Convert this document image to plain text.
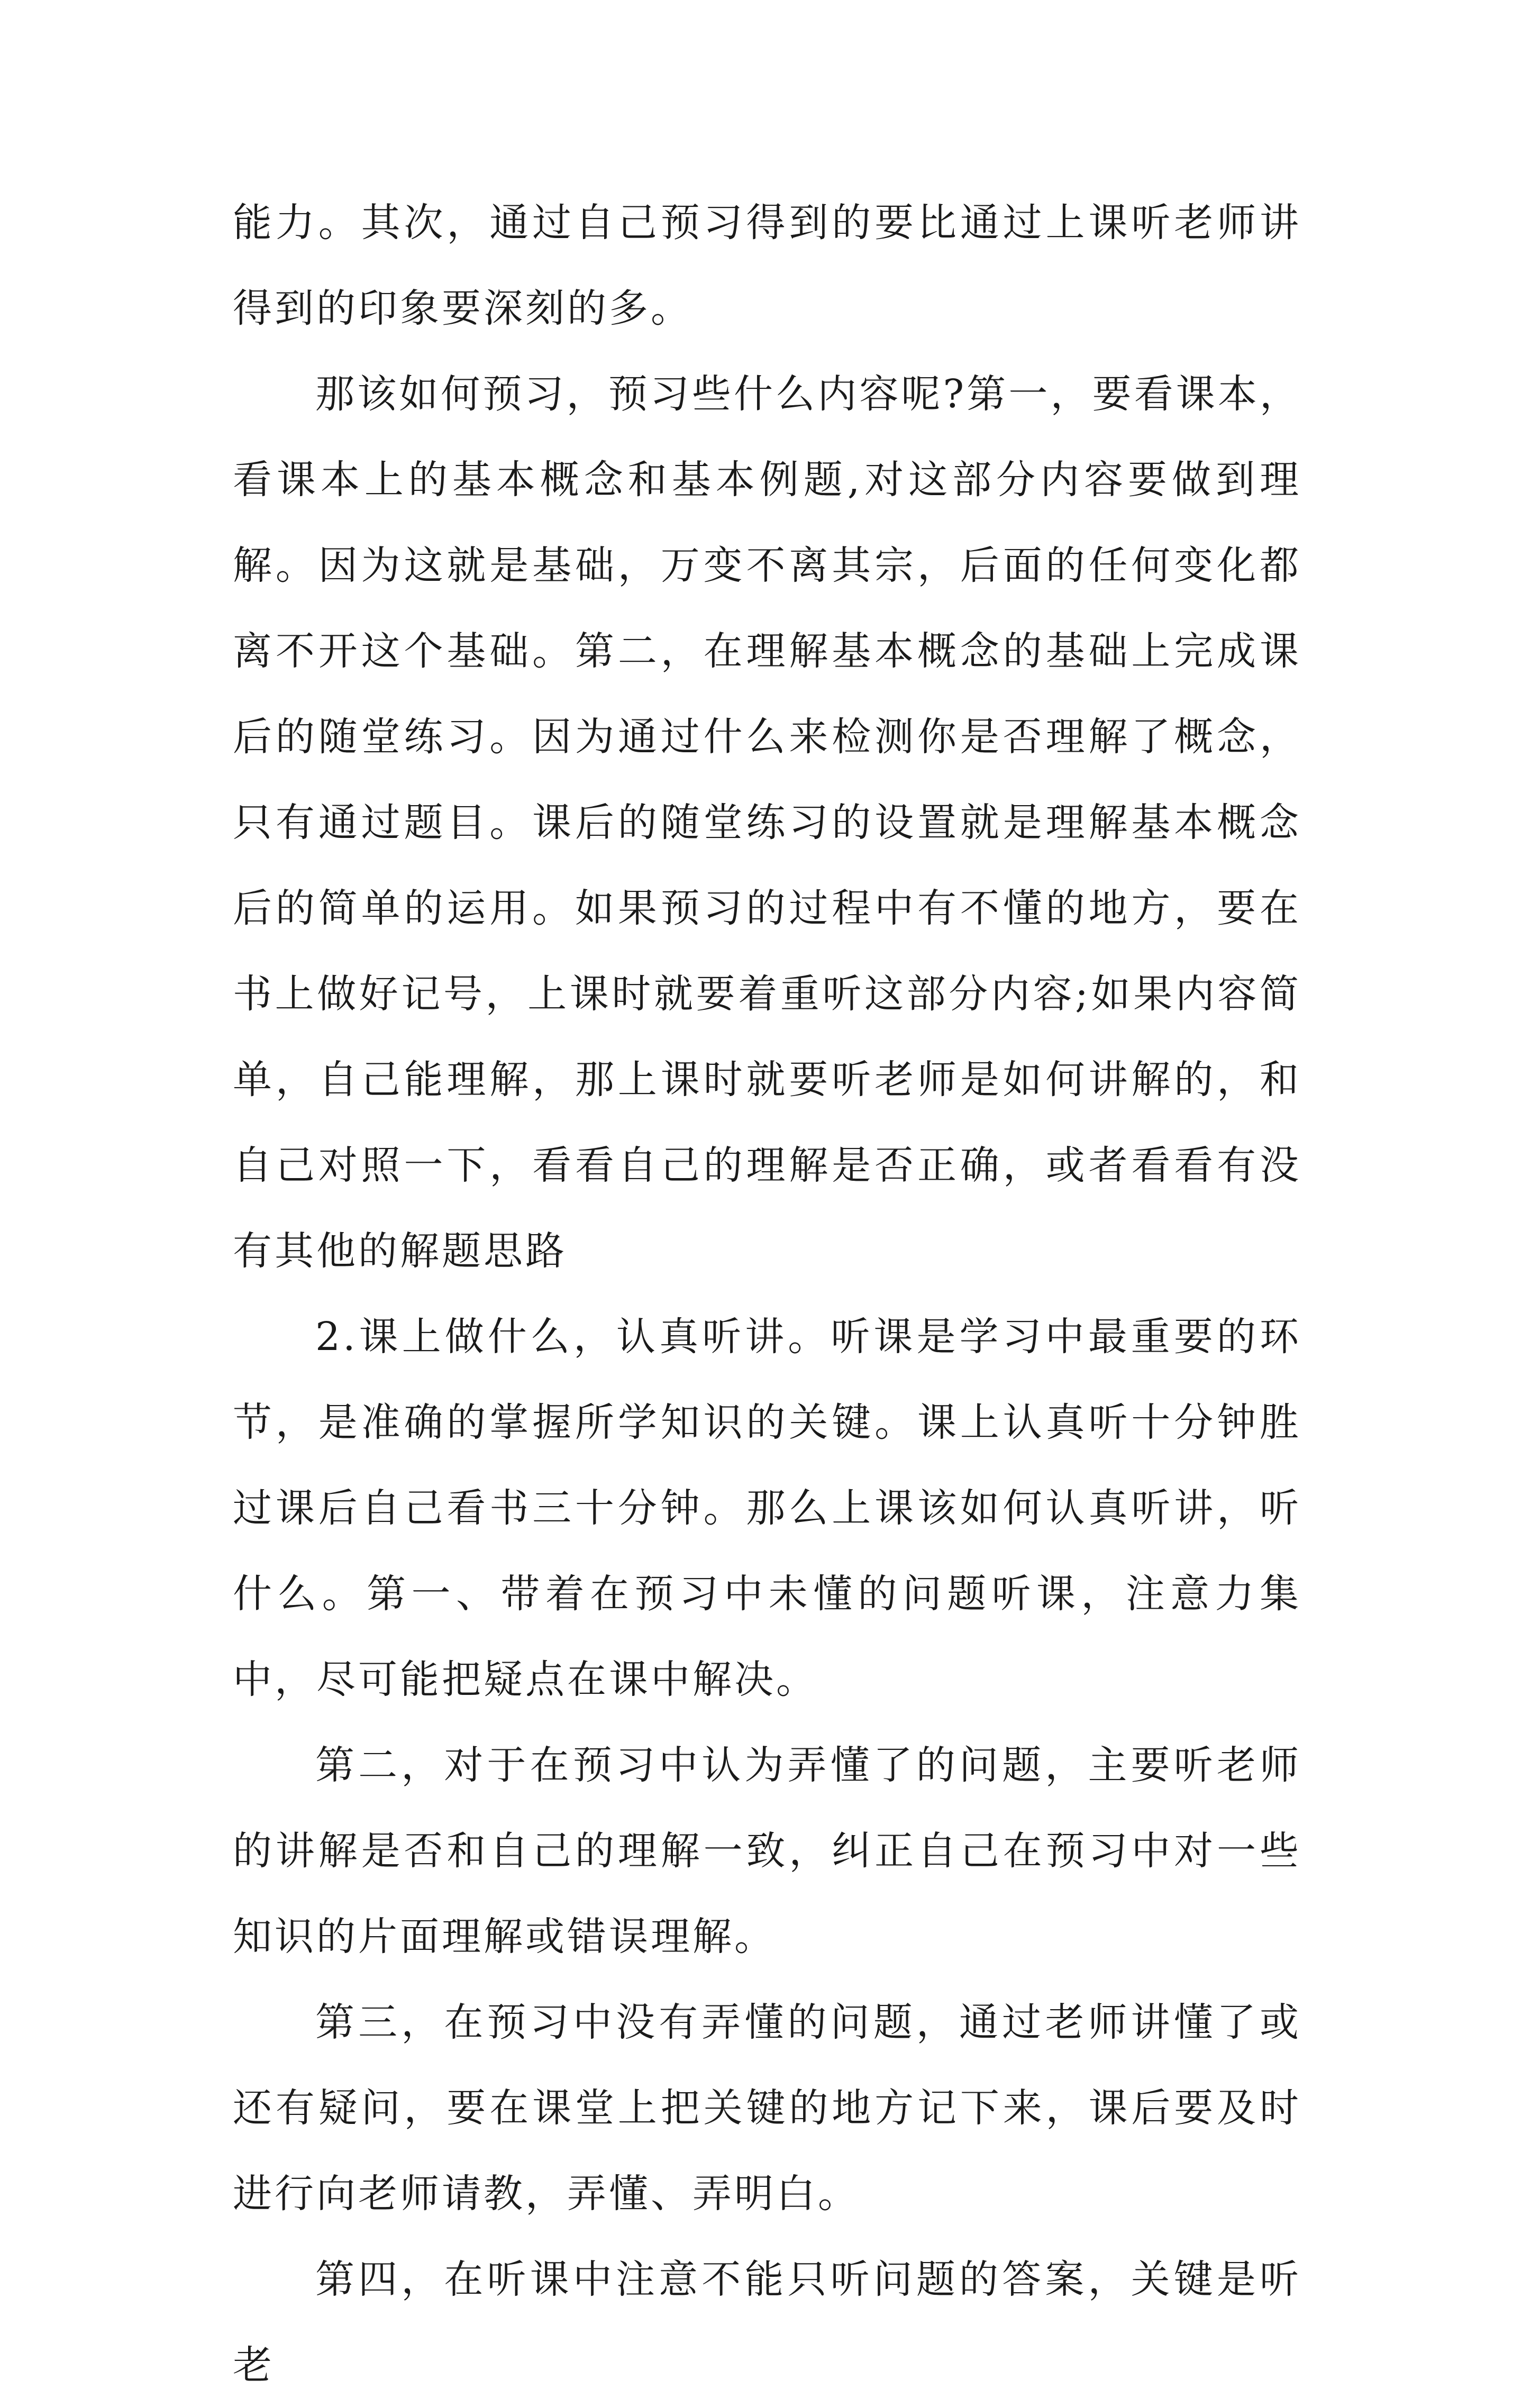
能力。其次，通过自己预习得到的要比通过上课听老师讲得到的印象要深刻的多。

那该如何预习，预习些什么内容呢?第一，要看课本，看课本上的基本概念和基本例题,对这部分内容要做到理解。因为这就是基础，万变不离其宗，后面的任何变化都离不开这个基础。第二，在理解基本概念的基础上完成课后的随堂练习。因为通过什么来检测你是否理解了概念，只有通过题目。课后的随堂练习的设置就是理解基本概念后的简单的运用。如果预习的过程中有不懂的地方，要在书上做好记号，上课时就要着重听这部分内容;如果内容简单，自己能理解，那上课时就要听老师是如何讲解的，和自己对照一下，看看自己的理解是否正确，或者看看有没有其他的解题思路

2.课上做什么，认真听讲。听课是学习中最重要的环节，是准确的掌握所学知识的关键。课上认真听十分钟胜过课后自己看书三十分钟。那么上课该如何认真听讲，听什么。第一、带着在预习中未懂的问题听课，注意力集中，尽可能把疑点在课中解决。

第二，对于在预习中认为弄懂了的问题，主要听老师的讲解是否和自己的理解一致，纠正自己在预习中对一些知识的片面理解或错误理解。

第三，在预习中没有弄懂的问题，通过老师讲懂了或还有疑问，要在课堂上把关键的地方记下来，课后要及时进行向老师请教，弄懂、弄明白。

第四，在听课中注意不能只听问题的答案，关键是听老
